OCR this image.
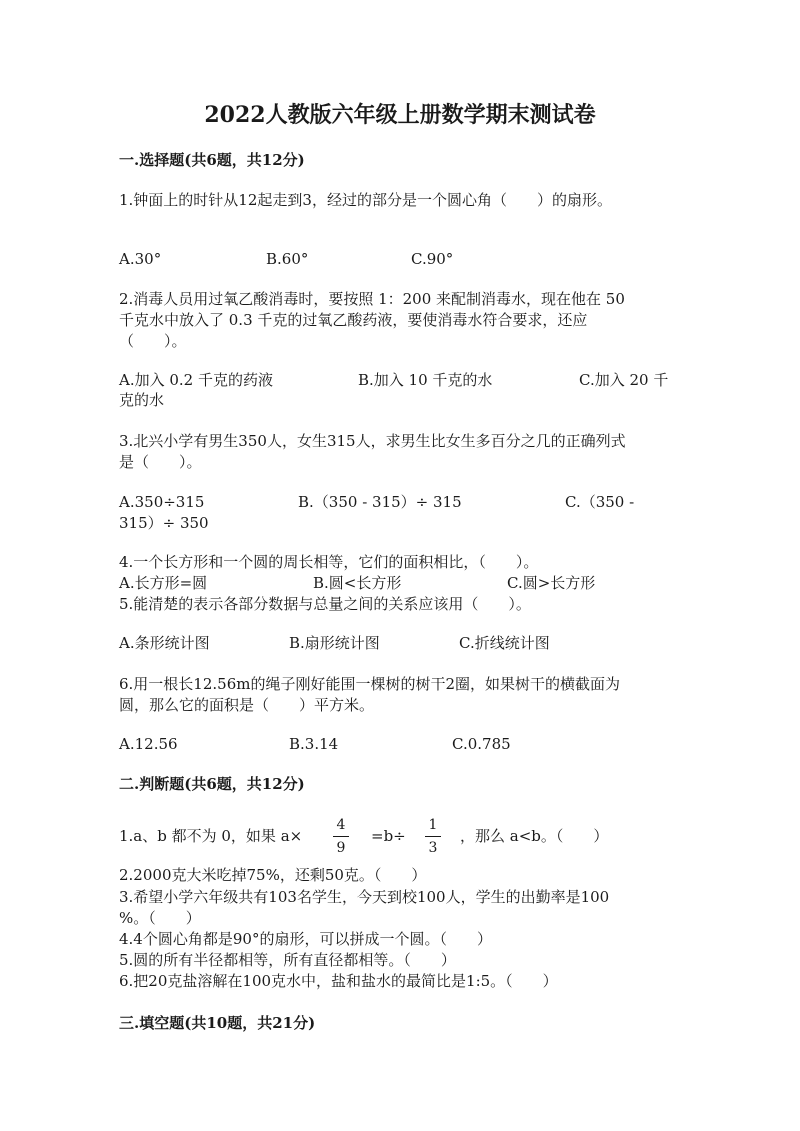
2022人教版六年级上册数学期末测试卷
一.选择题(共6题，共12分)
1.钟面上的时针从12起走到3，经过的部分是一个圆心角（　　）的扇形。
A.30°	B.60°	C.90°
2.消毒人员用过氧乙酸消毒时，要按照 1：200 来配制消毒水，现在他在 50
千克水中放入了 0.3 千克的过氧乙酸药液，要使消毒水符合要求，还应
（　　）。
A.加入 0.2 千克的药液	B.加入 10 千克的水	C.加入 20 千
克的水
3.北兴小学有男生350人，女生315人，求男生比女生多百分之几的正确列式
是（　　）。
A.350÷315	B.（350 - 315）÷ 315	C.（350 -
315）÷ 350
4.一个长方形和一个圆的周长相等，它们的面积相比，（　　）。
A.长方形=圆	B.圆<长方形	C.圆>长方形
5.能清楚的表示各部分数据与总量之间的关系应该用（　　）。
A.条形统计图	B.扇形统计图	C.折线统计图
6.用一根长12.56m的绳子刚好能围一棵树的树干2圈，如果树干的横截面为
圆，那么它的面积是（　　）平方米。
A.12.56	B.3.14	C.0.785
二.判断题(共6题，共12分)
1.a、b 都不为 0，如果 a×
4
9
=b÷
1
3
，那么 a<b。（　　）
2.2000克大米吃掉75%，还剩50克。（　　）
3.希望小学六年级共有103名学生，今天到校100人，学生的出勤率是100
%。（　　）
4.4个圆心角都是90°的扇形，可以拼成一个圆。（　　）
5.圆的所有半径都相等，所有直径都相等。（　　）
6.把20克盐溶解在100克水中，盐和盐水的最简比是1:5。（　　）
三.填空题(共10题，共21分)
